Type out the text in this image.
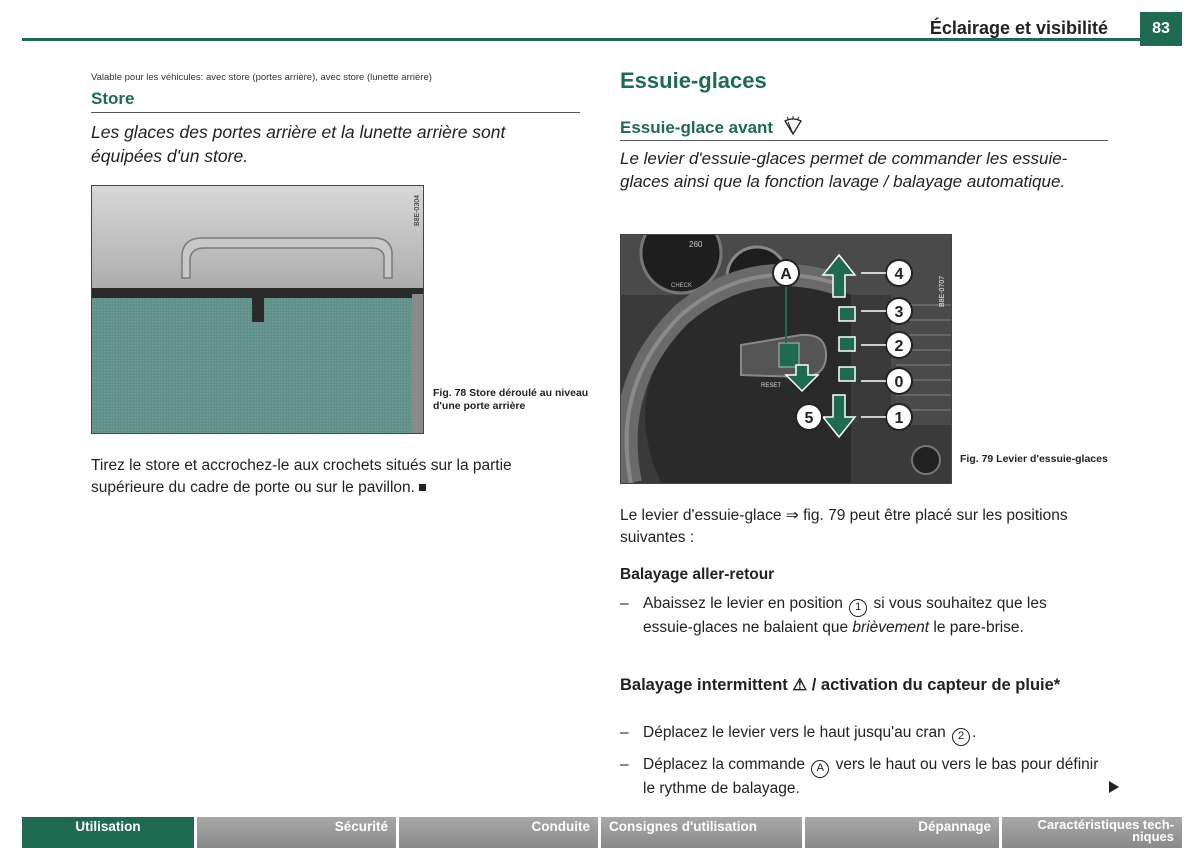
Éclairage et visibilité	83
Valable pour les véhicules: avec store (portes arrière), avec store (lunette arrière)
Store
Les glaces des portes arrière et la lunette arrière sont équipées d'un store.
B8E-0304
Fig. 78 Store déroulé au niveau d'une porte arrière
Tirez le store et accrochez-le aux crochets situés sur la partie supérieure du cadre de porte ou sur le pavillon.
Essuie-glaces
Essuie-glace avant
Le levier d'essuie-glaces permet de commander les essuie-glaces ainsi que la fonction lavage / balayage automatique.
260
1/2
CHECK
RESET
A	4
3
2
0
1
5
B8E-0707
Fig. 79 Levier d'essuie-glaces
Le levier d'essuie-glace ⇒ fig. 79 peut être placé sur les positions suivantes :
Balayage aller-retour
– Abaissez le levier en position 1 si vous souhaitez que les essuie-glaces ne balaient que brièvement le pare-brise.
Balayage intermittent ⚠ / activation du capteur de pluie*
– Déplacez le levier vers le haut jusqu'au cran 2 .
– Déplacez la commande A vers le haut ou vers le bas pour définir le rythme de balayage.
Utilisation	Sécurité	Conduite	Consignes d'utilisation	Dépannage	Caractéristiques tech-niques
